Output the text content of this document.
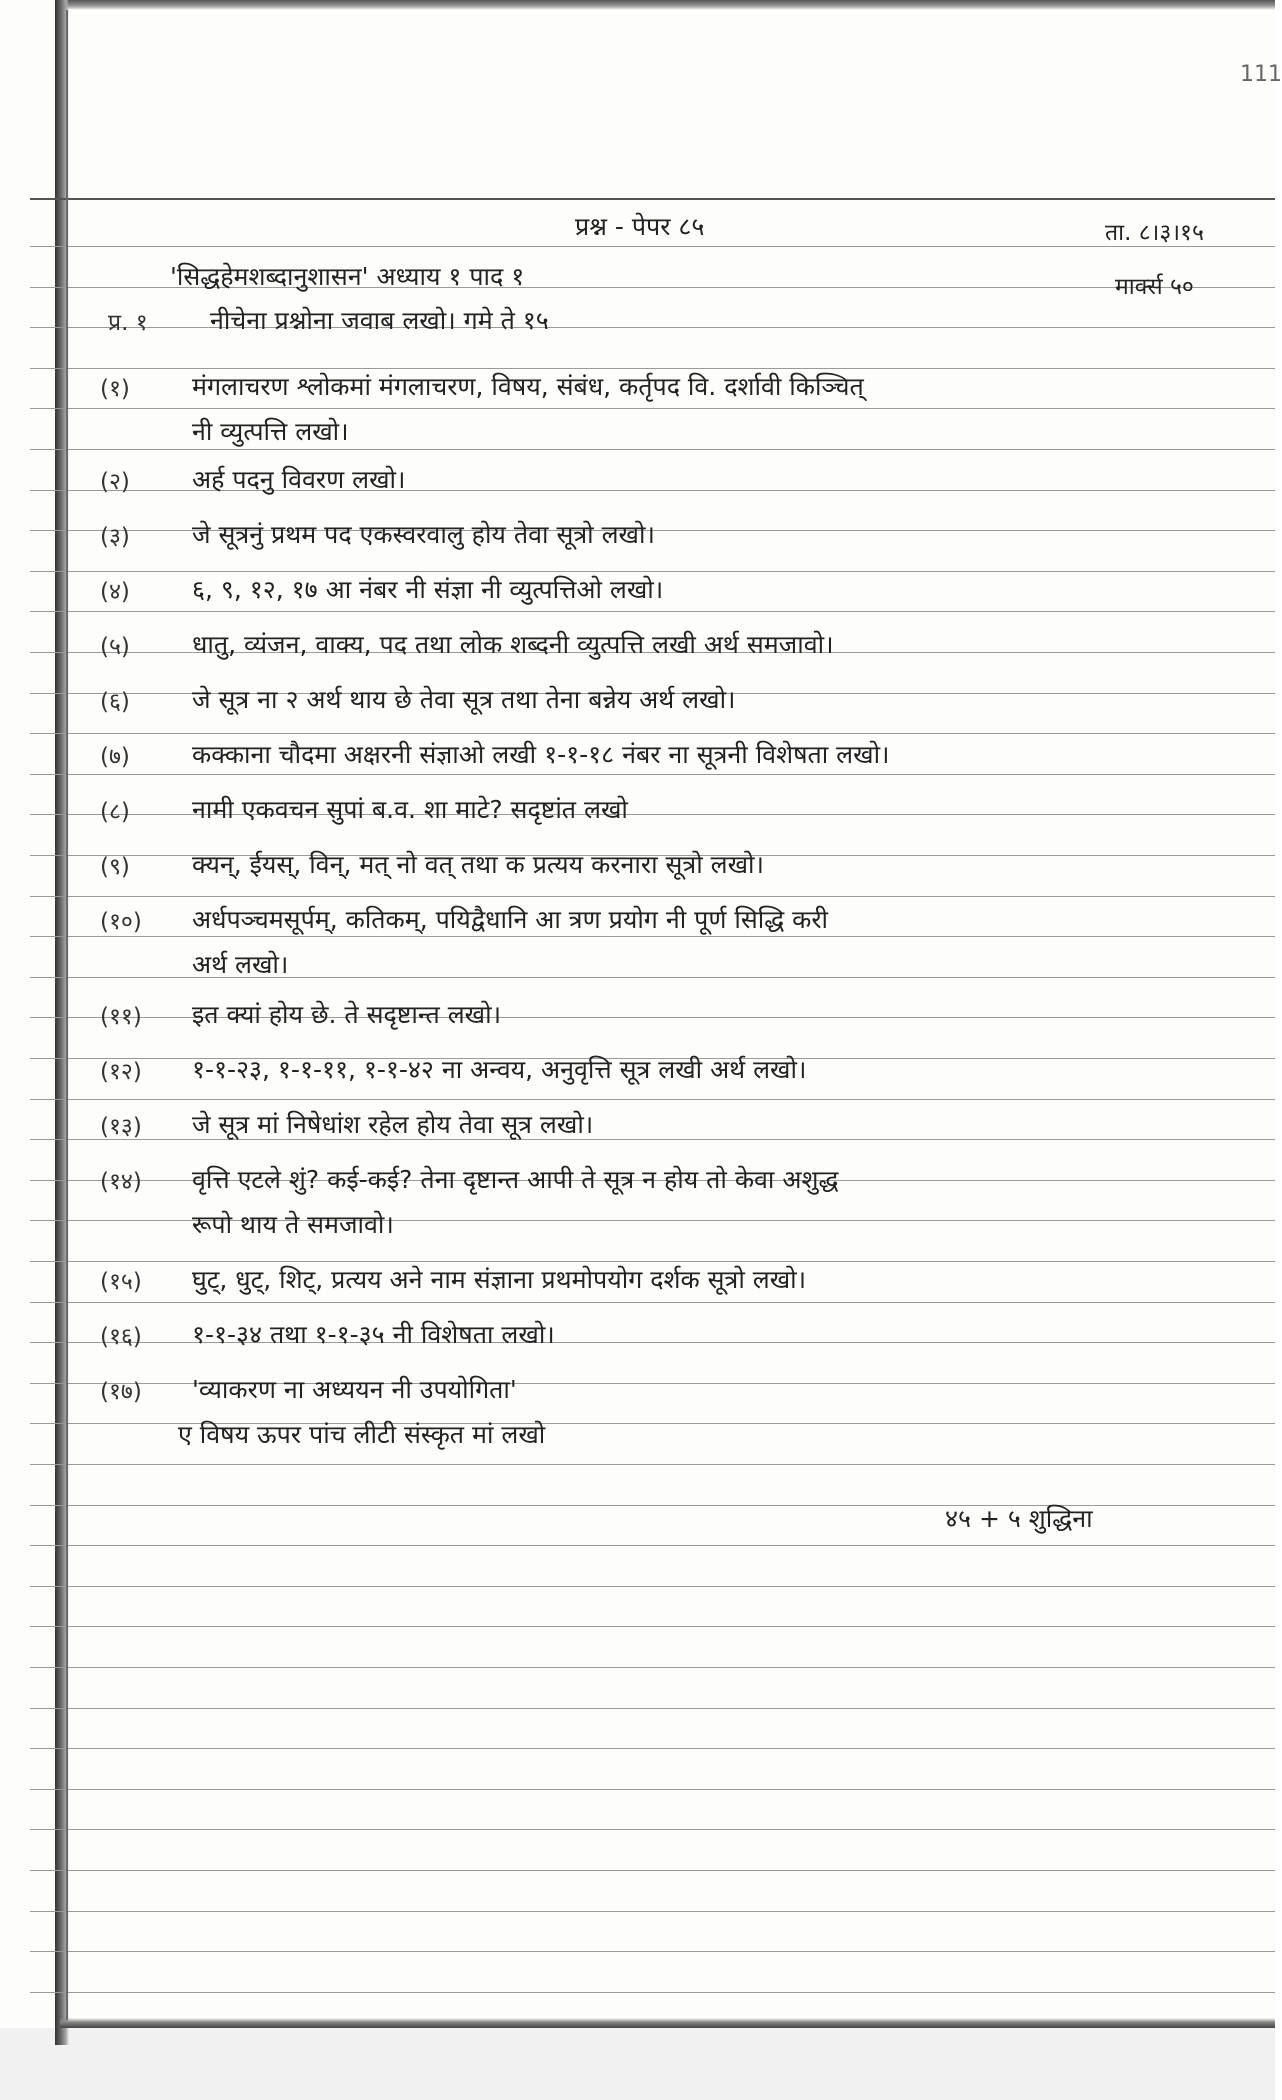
111
प्रश्न - पेपर ८५	ता. ८।३।१५
'सिद्धहेमशब्दानुशासन' अध्याय १ पाद १	मार्क्स ५०
प्र. १ नीचेना प्रश्नोना जवाब लखो। गमे ते १५
(१) मंगलाचरण श्लोकमां मंगलाचरण, विषय, संबंध, कर्तृपद वि. दर्शावी किञ्चित्
नी व्युत्पत्ति लखो।
(२) अर्ह पदनु विवरण लखो।
(३) जे सूत्रनुं प्रथम पद एकस्वरवालु होय तेवा सूत्रो लखो।
(४) ६, ९, १२, १७ आ नंबर नी संज्ञा नी व्युत्पत्तिओ लखो।
(५) धातु, व्यंजन, वाक्य, पद तथा लोक शब्दनी व्युत्पत्ति लखी अर्थ समजावो।
(६) जे सूत्र ना २ अर्थ थाय छे तेवा सूत्र तथा तेना बन्नेय अर्थ लखो।
(७) कक्काना चौदमा अक्षरनी संज्ञाओ लखी १-१-१८ नंबर ना सूत्रनी विशेषता लखो।
(८) नामी एकवचन सुपां ब.व. शा माटे? सदृष्टांत लखो
(९) क्यन्, ईयस्, विन्, मत् नो वत् तथा क प्रत्यय करनारा सूत्रो लखो।
(१०) अर्धपञ्चमसूर्पम्, कतिकम्, पयिद्वैधानि आ त्रण प्रयोग नी पूर्ण सिद्धि करी
अर्थ लखो।
(११) इत क्यां होय छे. ते सदृष्टान्त लखो।
(१२) १-१-२३, १-१-११, १-१-४२ ना अन्वय, अनुवृत्ति सूत्र लखी अर्थ लखो।
(१३) जे सूत्र मां निषेधांश रहेल होय तेवा सूत्र लखो।
(१४) वृत्ति एटले शुं? कई-कई? तेना दृष्टान्त आपी ते सूत्र न होय तो केवा अशुद्ध
रूपो थाय ते समजावो।
(१५) घुट्, धुट्, शिट्, प्रत्यय अने नाम संज्ञाना प्रथमोपयोग दर्शक सूत्रो लखो।
(१६) १-१-३४ तथा १-१-३५ नी विशेषता लखो।
(१७) 'व्याकरण ना अध्ययन नी उपयोगिता'
ए विषय ऊपर पांच लीटी संस्कृत मां लखो
४५ + ५ शुद्धिना
